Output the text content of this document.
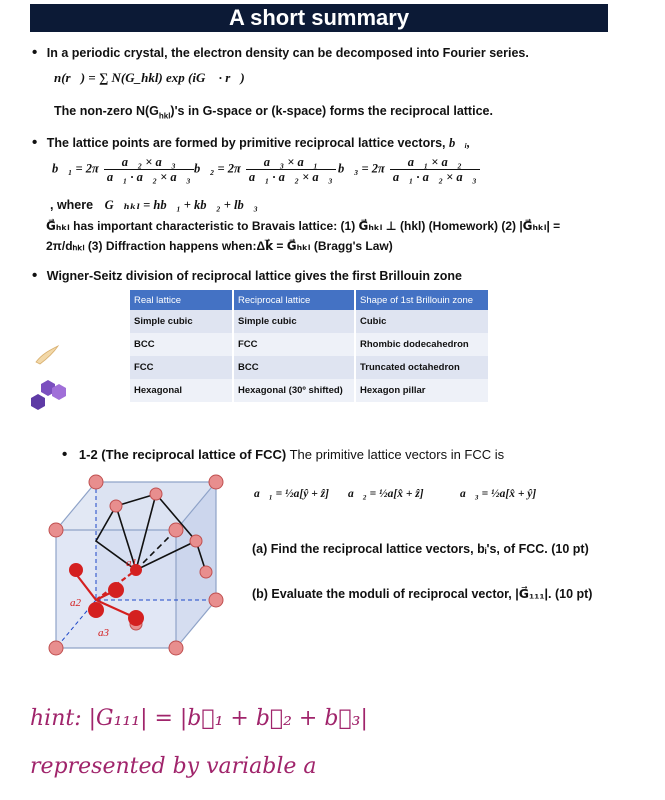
A short summary
• In a periodic crystal, the electron density can be decomposed into Fourier series.
n(r⃗) = ∑ N(G_hkl) exp (iG⃗ · r⃗)
The non-zero $N(G_{hkl})'s$ in G-space or (k-space) forms the reciprocal lattice.
• The lattice points are formed by primitive reciprocal lattice vectors, b⃗ᵢ,
b⃗₁ = $2\pi \frac{\text{a⃗₂ × a⃗₃}}{\text{a⃗₁ · a⃗₂ × a⃗₃}}$ b⃗₂ = $2\pi \frac{\text{a⃗₃ × a⃗₁}}{\text{a⃗₁ · a⃗₂ × a⃗₃}}$ b⃗₃ = $2\pi \frac{\text{a⃗₁ × a⃗₂}}{\text{a⃗₁ · a⃗₂ × a⃗₃}}$
, where G⃗ₕₖₗ = hb⃗₁ + kb⃗₂ + lb⃗₃
G⃗ₕₖₗ has important characteristic to Bravais lattice: (1) G⃗ₕₖₗ ⊥ (hkl) (Homework) (2) |G⃗ₕₖₗ| =
2π/dₕₖₗ (3) Diffraction happens when:Δk⃗ = G⃗ₕₖₗ (Bragg's Law)
• Wigner-Seitz division of reciprocal lattice gives the first Brillouin zone
Real lattice	Reciprocal lattice	Shape of 1st Brillouin zone
Simple cubic	Simple cubic	Cubic
BCC	FCC	Rhombic dodecahedron
FCC	BCC	Truncated octahedron
Hexagonal	Hexagonal (30º shifted)	Hexagon pillar
• 1-2 (The reciprocal lattice of FCC) The primitive lattice vectors in FCC is
a1
a2
a3
a⃗₁ = ½a[ŷ + ẑ] a⃗₂ = ½a[x̂ + ẑ]	a⃗₃ = ½a[x̂ + ŷ]
(a) Find the reciprocal lattice vectors, bᵢ's, of FCC. (10 pt)
(b) Evaluate the moduli of reciprocal vector, |G⃗₁₁₁|. (10 pt)
hint: |G₁₁₁| = |b⃗₁ + b⃗₂ + b⃗₃|
represented by variable a
